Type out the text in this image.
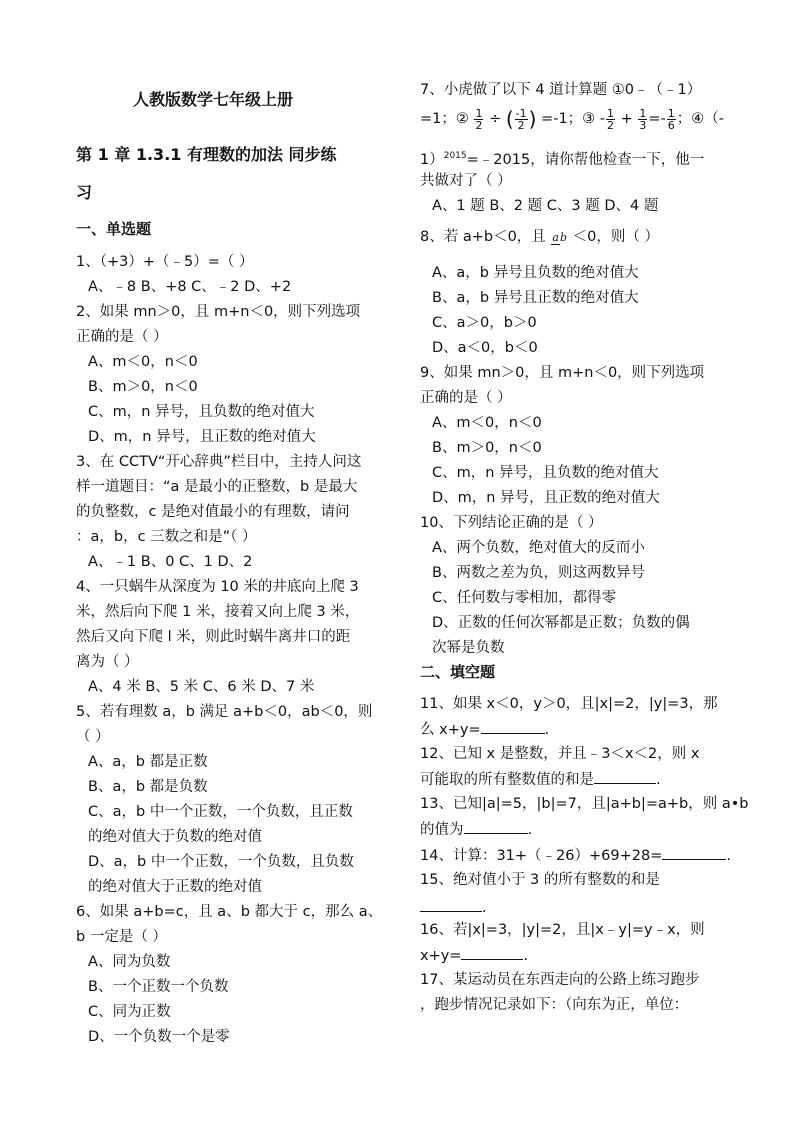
人教版数学七年级上册
第 1 章 1.3.1 有理数的加法 同步练
习
一、单选题
1、（+3）+（﹣5）=（ ）
A、﹣8 B、+8 C、﹣2 D、+2
2、如果 mn＞0，且 m+n＜0，则下列选项
正确的是（ ）
A、m＜0，n＜0
B、m＞0，n＜0
C、m，n 异号，且负数的绝对值大
D、m，n 异号，且正数的绝对值大
3、在 CCTV“开心辞典”栏目中，主持人问这
样一道题目：“a 是最小的正整数，b 是最大
的负整数，c 是绝对值最小的有理数，请问
：a，b，c 三数之和是”（ ）
A、﹣1 B、0 C、1 D、2
4、一只蜗牛从深度为 10 米的井底向上爬 3
米，然后向下爬 1 米，接着又向上爬 3 米，
然后又向下爬 l 米，则此时蜗牛离井口的距
离为（ ）
A、4 米 B、5 米 C、6 米 D、7 米
5、若有理数 a，b 满足 a+b＜0，ab＜0，则
（ ）
A、a，b 都是正数
B、a，b 都是负数
C、a，b 中一个正数，一个负数，且正数
的绝对值大于负数的绝对值
D、a，b 中一个正数，一个负数，且负数
的绝对值大于正数的绝对值
6、如果 a+b=c，且 a、b 都大于 c，那么 a、
b 一定是（ ）
A、同为负数
B、一个正数一个负数
C、同为正数
D、一个负数一个是零
7、小虎做了以下 4 道计算题 ①0﹣（﹣1）
=1；② $\frac{1}{2}$ ÷ ( $\frac{-1}{2}$ ) =-1；③ - $\frac{1}{2} + \frac{1}{3} =- \frac{1}{6}$ ；④（-
1）$^{2015}$=﹣2015，请你帮他检查一下，他一
共做对了（ ）
A、1 题 B、2 题 C、3 题 D、4 题
8、若 a+b＜0，且 ab ＜0，则（ ）
A、a，b 异号且负数的绝对值大
B、a，b 异号且正数的绝对值大
C、a＞0，b＞0
D、a＜0，b＜0
9、如果 mn＞0，且 m+n＜0，则下列选项
正确的是（ ）
A、m＜0，n＜0
B、m＞0，n＜0
C、m，n 异号，且负数的绝对值大
D、m，n 异号，且正数的绝对值大
10、下列结论正确的是（ ）
A、两个负数，绝对值大的反而小
B、两数之差为负，则这两数异号
C、任何数与零相加，都得零
D、正数的任何次幂都是正数；负数的偶
次幂是负数
二、填空题
11、如果 x＜0，y＞0，且|x|=2，|y|=3，那
么 x+y=	.
12、已知 x 是整数，并且﹣3＜x＜2，则 x
可能取的所有整数值的和是	.
13、已知|a|=5，|b|=7，且|a+b|=a+b，则 a•b
的值为	.
14、计算：31+（﹣26）+69+28=	.
15、绝对值小于 3 的所有整数的和是
.
16、若|x|=3，|y|=2，且|x﹣y|=y﹣x，则
x+y=	.
17、某运动员在东西走向的公路上练习跑步
，跑步情况记录如下：（向东为正，单位：
